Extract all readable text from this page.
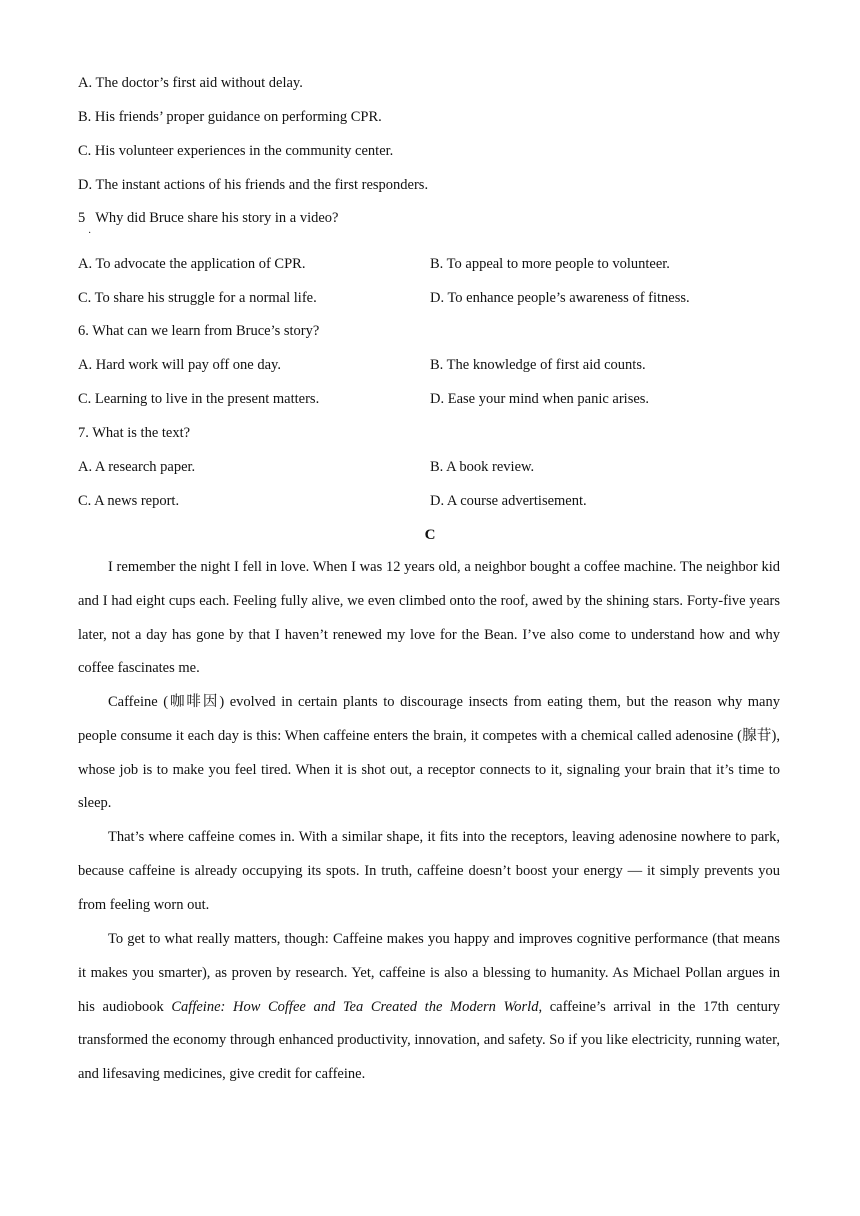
A. The doctor’s first aid without delay.
B. His friends’ proper guidance on performing CPR.
C. His volunteer experiences in the community center.
D. The instant actions of his friends and the first responders.
5 Why did Bruce share his story in a video?
·
A. To advocate the application of CPR.	B. To appeal to more people to volunteer.
C. To share his struggle for a normal life.	D. To enhance people’s awareness of fitness.
6. What can we learn from Bruce’s story?
A. Hard work will pay off one day.	B. The knowledge of first aid counts.
C. Learning to live in the present matters.	D. Ease your mind when panic arises.
7. What is the text?
A. A research paper.	B. A book review.
C. A news report.	D. A course advertisement.
C

I remember the night I fell in love. When I was 12 years old, a neighbor bought a coffee machine. The neighbor kid and I had eight cups each. Feeling fully alive, we even climbed onto the roof, awed by the shining stars. Forty-five years later, not a day has gone by that I haven’t renewed my love for the Bean. I’ve also come to understand how and why coffee fascinates me.

Caffeine (咖啡因) evolved in certain plants to discourage insects from eating them, but the reason why many people consume it each day is this: When caffeine enters the brain, it competes with a chemical called adenosine (腺苷), whose job is to make you feel tired. When it is shot out, a receptor connects to it, signaling your brain that it’s time to sleep.

That’s where caffeine comes in. With a similar shape, it fits into the receptors, leaving adenosine nowhere to park, because caffeine is already occupying its spots. In truth, caffeine doesn’t boost your energy — it simply prevents you from feeling worn out.

To get to what really matters, though: Caffeine makes you happy and improves cognitive performance (that means it makes you smarter), as proven by research. Yet, caffeine is also a blessing to humanity. As Michael Pollan argues in his audiobook Caffeine: How Coffee and Tea Created the Modern World, caffeine’s arrival in the 17th century transformed the economy through enhanced productivity, innovation, and safety. So if you like electricity, running water, and lifesaving medicines, give credit for caffeine.
